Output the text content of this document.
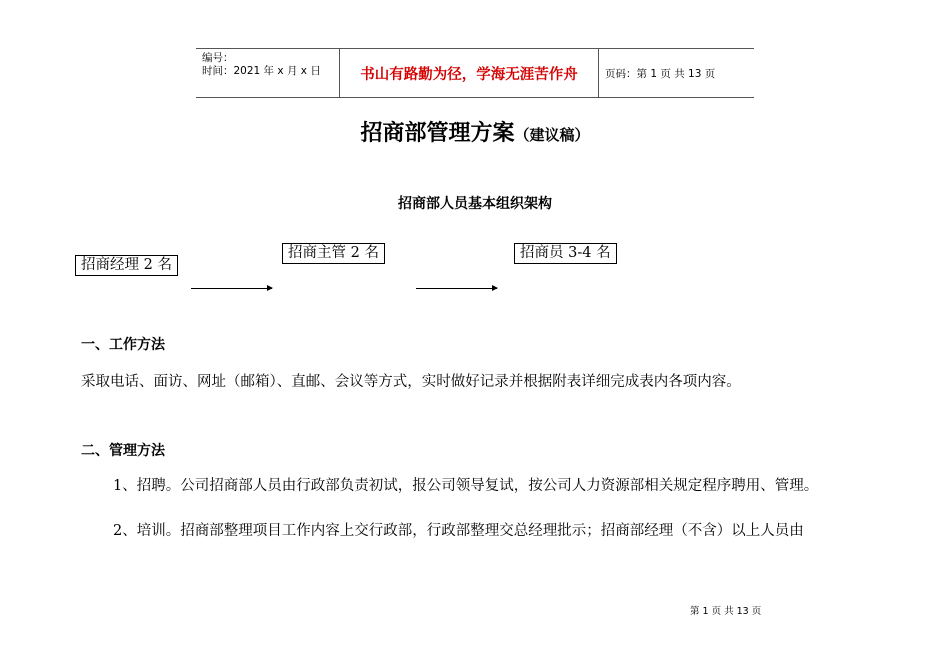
编号：
时间：2021 年 x 月 x 日	书山有路勤为径，学海无涯苦作舟	页码：第 1 页 共 13 页
招商部管理方案（建议稿）
招商部人员基本组织架构
招商经理 2 名
招商主管 2 名	招商员 3-4 名
一、工作方法
采取电话、面访、网址（邮箱）、直邮、会议等方式，实时做好记录并根据附表详细完成表内各项内容。
二、管理方法
1、招聘。公司招商部人员由行政部负责初试，报公司领导复试，按公司人力资源部相关规定程序聘用、管理。
2、培训。招商部整理项目工作内容上交行政部，行政部整理交总经理批示；招商部经理（不含）以上人员由
第 1 页 共 13 页
